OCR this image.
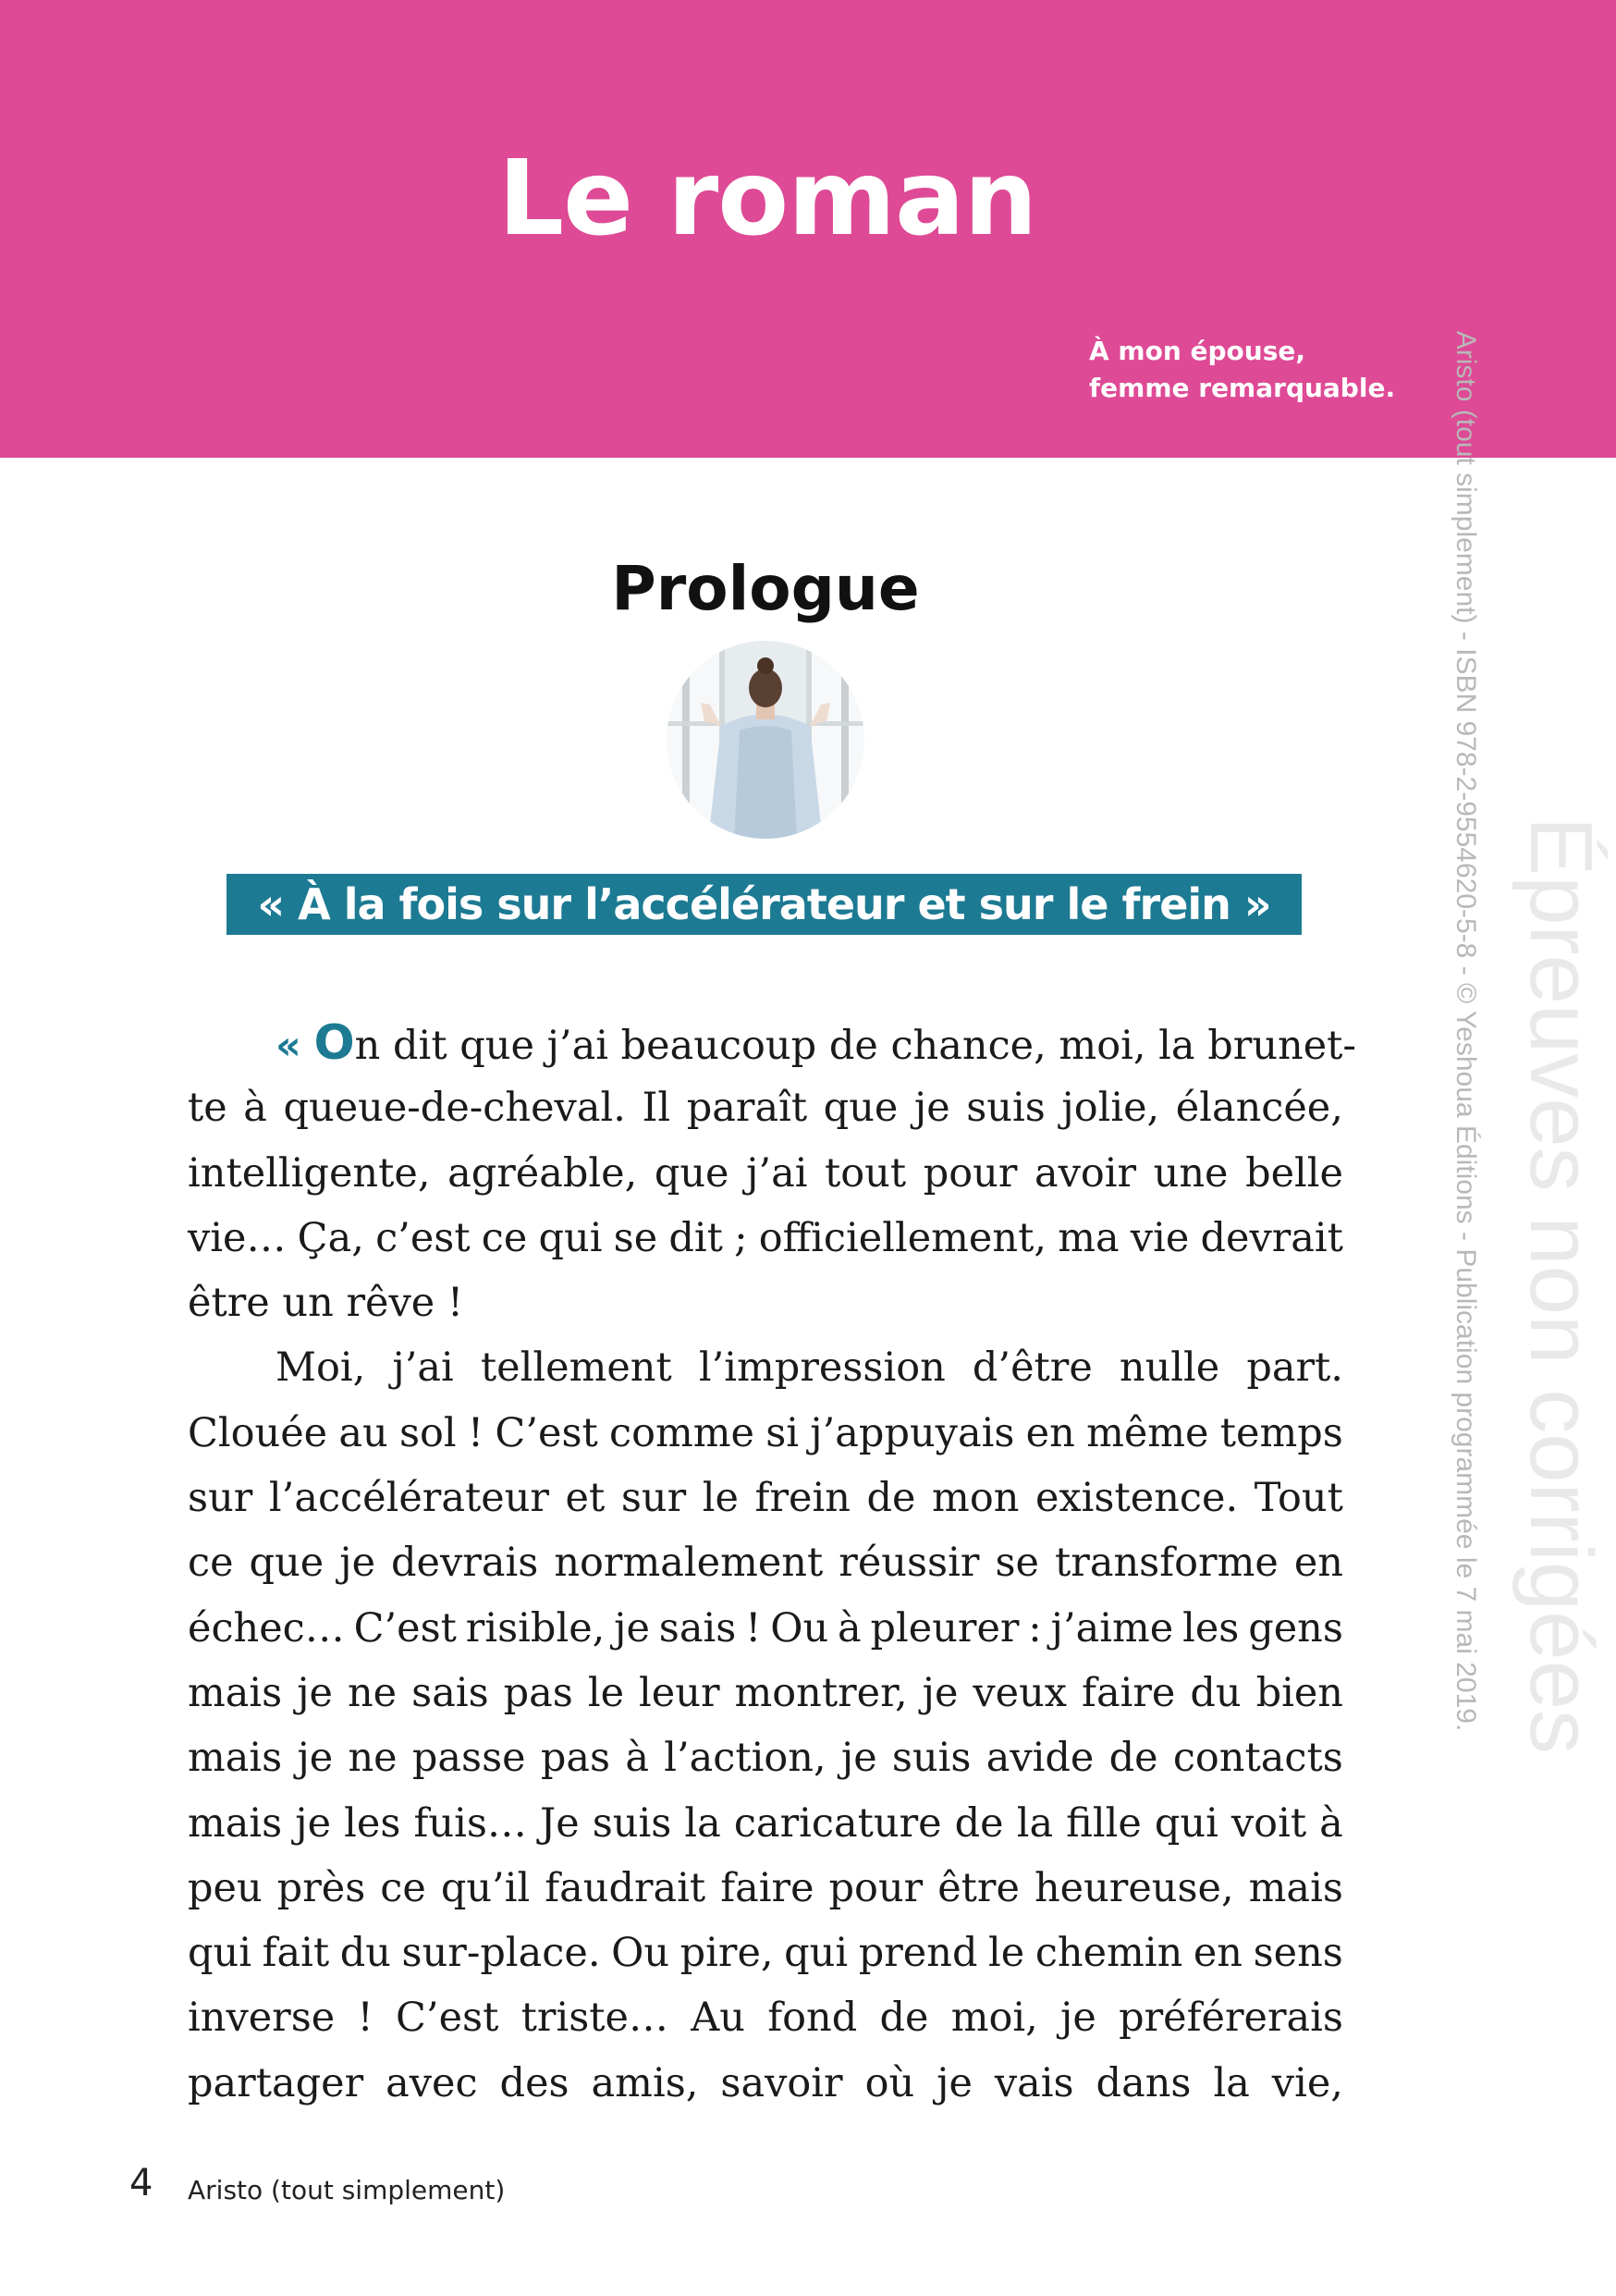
Le roman
À mon épouse,
femme remarquable.
Prologue
« À la fois sur l’accélérateur et sur le frein »
« On dit que j’ai beaucoup de chance, moi, la brunet-
te à queue-de-cheval. Il paraît que je suis jolie, élancée,
intelligente, agréable, que j’ai tout pour avoir une belle
vie… Ça, c’est ce qui se dit ; officiellement, ma vie devrait
être un rêve !
Moi, j’ai tellement l’impression d’être nulle part.
Clouée au sol ! C’est comme si j’appuyais en même temps
sur l’accélérateur et sur le frein de mon existence. Tout
ce que je devrais normalement réussir se transforme en
échec… C’est risible, je sais ! Ou à pleurer : j’aime les gens
mais je ne sais pas le leur montrer, je veux faire du bien
mais je ne passe pas à l’action, je suis avide de contacts
mais je les fuis… Je suis la caricature de la fille qui voit à
peu près ce qu’il faudrait faire pour être heureuse, mais
qui fait du sur-place. Ou pire, qui prend le chemin en sens
inverse ! C’est triste… Au fond de moi, je préférerais
partager avec des amis, savoir où je vais dans la vie,
4 Aristo (tout simplement)
Épreuves non corrigées
Aristo (tout simplement) - ISBN 978-2-9554620-5-8 - © Yeshoua Éditions - Publication programmée le 7 mai 2019.
